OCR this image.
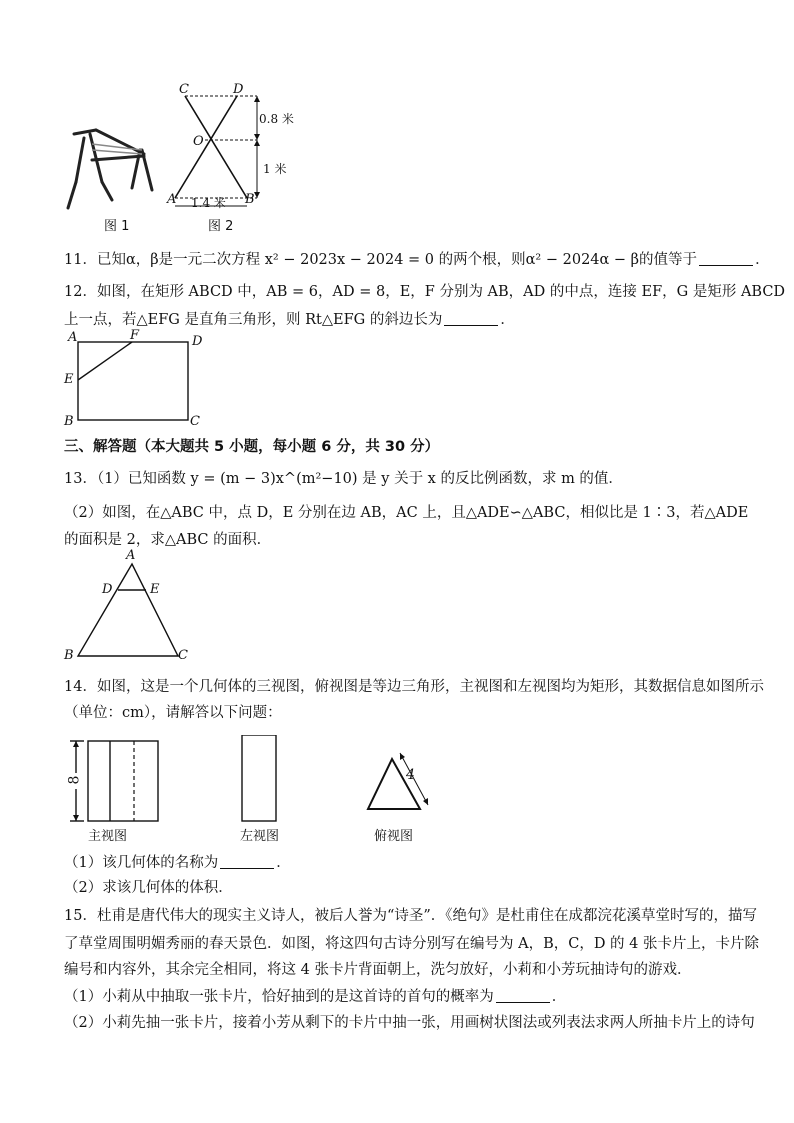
图 1
C	D
O
A	B
0.8 米
1 米
1.4 米
图 2
11．已知α，β是一元二次方程 x² − 2023x − 2024 = 0 的两个根，则α² − 2024α − β的值等于	．
12．如图，在矩形 ABCD 中，AB = 6，AD = 8，E，F 分别为 AB，AD 的中点，连接 EF，G 是矩形 ABCD
上一点，若△EFG 是直角三角形，则 Rt△EFG 的斜边长为	．
A	F	D
E
B	C
三、解答题（本大题共 5 小题，每小题 6 分，共 30 分）
13．（1）已知函数 y = (m − 3)x^(m²−10) 是 y 关于 x 的反比例函数，求 m 的值．
（2）如图，在△ABC 中，点 D，E 分别在边 AB，AC 上，且△ADE∽△ABC，相似比是 1∶3，若△ADE
的面积是 2，求△ABC 的面积．
A
D	E
B	C
14．如图，这是一个几何体的三视图，俯视图是等边三角形，主视图和左视图均为矩形，其数据信息如图所示
（单位：cm），请解答以下问题：
8
主视图	左视图
4
俯视图
（1）该几何体的名称为	．
（2）求该几何体的体积．
15．杜甫是唐代伟大的现实主义诗人，被后人誉为“诗圣”．《绝句》是杜甫住在成都浣花溪草堂时写的，描写
了草堂周围明媚秀丽的春天景色．如图，将这四句古诗分别写在编号为 A，B，C，D 的 4 张卡片上，卡片除
编号和内容外，其余完全相同，将这 4 张卡片背面朝上，洗匀放好，小莉和小芳玩抽诗句的游戏．
（1）小莉从中抽取一张卡片，恰好抽到的是这首诗的首句的概率为	．
（2）小莉先抽一张卡片，接着小芳从剩下的卡片中抽一张，用画树状图法或列表法求两人所抽卡片上的诗句
